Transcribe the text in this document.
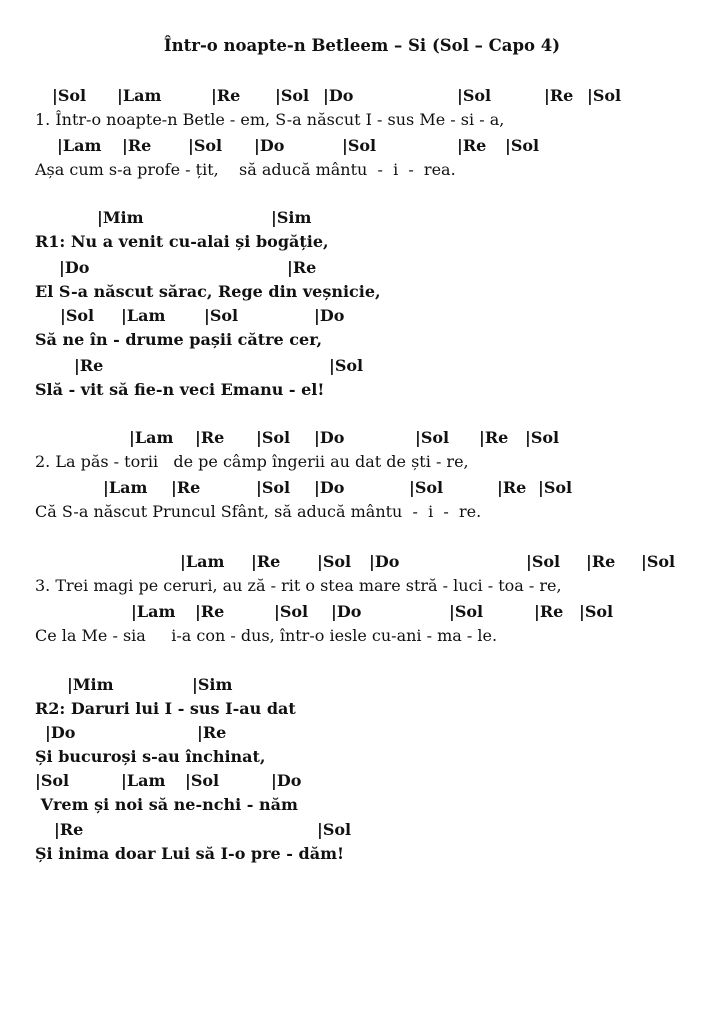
Într-o noapte-n Betleem – Si (Sol – Capo 4)
|Sol |Lam	|Re |Sol |Do	|Sol	|Re |Sol
1. Într-o noapte-n Betle - em, S-a născut I - sus Me - si - a,
|Lam |Re |Sol |Do	|Sol	|Re |Sol
Așa cum s-a profe - țit,    să aducă mântu  -  i  -  rea.
|Mim	|Sim
R1: Nu a venit cu-alai și bogăție,
|Do	|Re
El S-a născut sărac, Rege din veșnicie,
|Sol |Lam |Sol	|Do
Să ne în - drume pașii către cer,
|Re	|Sol
Slă - vit să fie-n veci Emanu - el!
|Lam |Re |Sol |Do	|Sol |Re |Sol
2. La păs - torii   de pe câmp îngerii au dat de ști - re,
|Lam |Re	|Sol |Do	|Sol	|Re |Sol
Că S-a născut Pruncul Sfânt, să aducă mântu  -  i  -  re.
|Lam |Re |Sol |Do	|Sol |Re |Sol
3. Trei magi pe ceruri, au ză - rit o stea mare stră - luci - toa - re,
|Lam |Re	|Sol |Do	|Sol	|Re |Sol
Ce la Me - sia     i-a con - dus, într-o iesle cu-ani - ma - le.
|Mim	|Sim
R2: Daruri lui I - sus I-au dat
|Do	|Re
Și bucuroși s-au închinat,
|Sol	|Lam |Sol	|Do
Vrem și noi să ne-nchi - năm
|Re	|Sol
Și inima doar Lui să I-o pre - dăm!
